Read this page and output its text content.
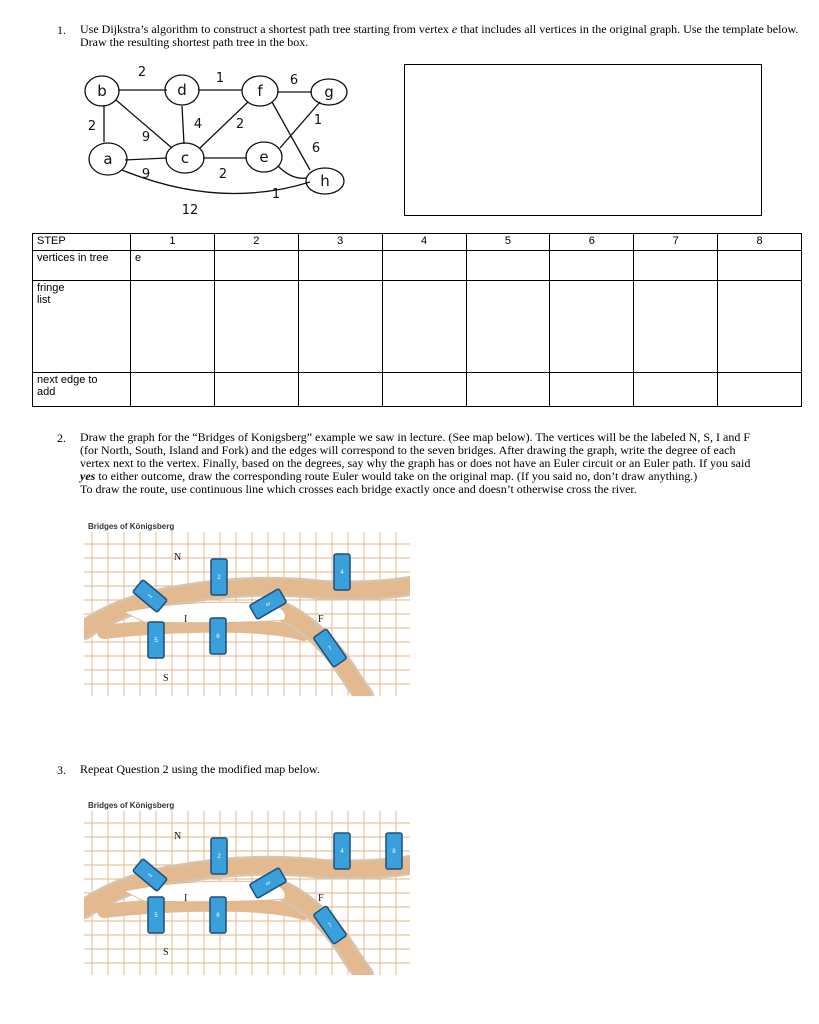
1. Use Dijkstra’s algorithm to construct a shortest path tree starting from vertex e that includes all vertices in the original graph. Use the template below. Draw the resulting shortest path tree in the box.
b	d	f	g
a	c	e
h
2	1	6
2
9
4	2	1
9	2
6
1
12
STEP	1	2	3	4	5	6	7	8
vertices in tree	e							

fringe
list								

next edge to
add								

2. Draw the graph for the “Bridges of Konigsberg” example we saw in lecture. (See map below). The vertices will be the labeled N, S, I and F
(for North, South, Island and Fork) and the edges will correspond to the seven bridges. After drawing the graph, write the degree of each
vertex next to the vertex. Finally, based on the degrees, say why the graph has or does not have an Euler circuit or an Euler path. If you said
yes to either outcome, draw the corresponding route Euler would take on the original map. (If you said no, don’t draw anything.)
To draw the route, use continuous line which crosses each bridge exactly once and doesn’t otherwise cross the river.
Bridges of Königsberg
N
I	F
S
1
2
3
4
5
6
7
3. Repeat Question 2 using the modified map below.
Bridges of Königsberg
N
I	F
S
1
2
3
4	8
5	6
7
